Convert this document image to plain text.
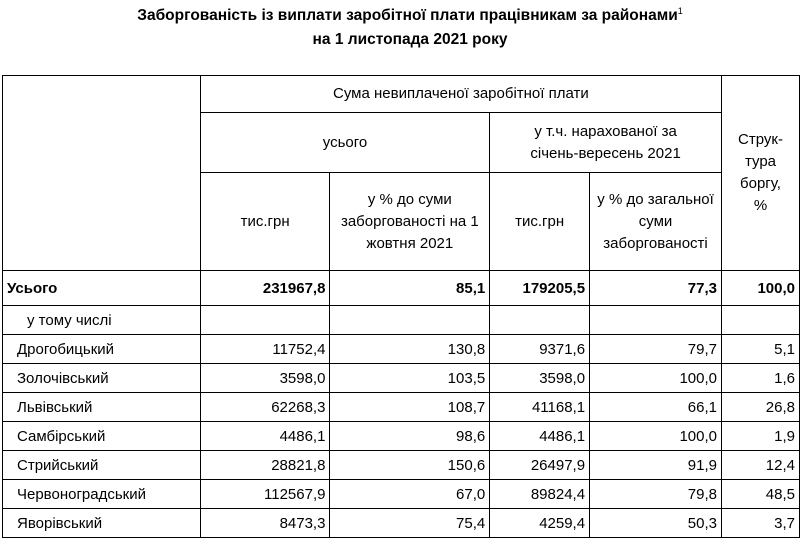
Заборгованість із виплати заробітної плати працівникам за районами$^1$
на 1 листопада 2021 року
	Сума невиплаченої заробітної плати				Струк-тура боргу, %
	усього		у т.ч. нарахованої за січень-вересень 2021		
	тис.грн	у % до суми заборгованості на 1 жовтня 2021	тис.грн	у % до загальної суми заборгованості	
Усього	231967,8	85,1	179205,5	77,3	100,0
у тому числі					
Дрогобицький	11752,4	130,8	9371,6	79,7	5,1
Золочівський	3598,0	103,5	3598,0	100,0	1,6
Львівський	62268,3	108,7	41168,1	66,1	26,8
Самбірський	4486,1	98,6	4486,1	100,0	1,9
Стрийський	28821,8	150,6	26497,9	91,9	12,4
Червоноградський	112567,9	67,0	89824,4	79,8	48,5
Яворівський	8473,3	75,4	4259,4	50,3	3,7
